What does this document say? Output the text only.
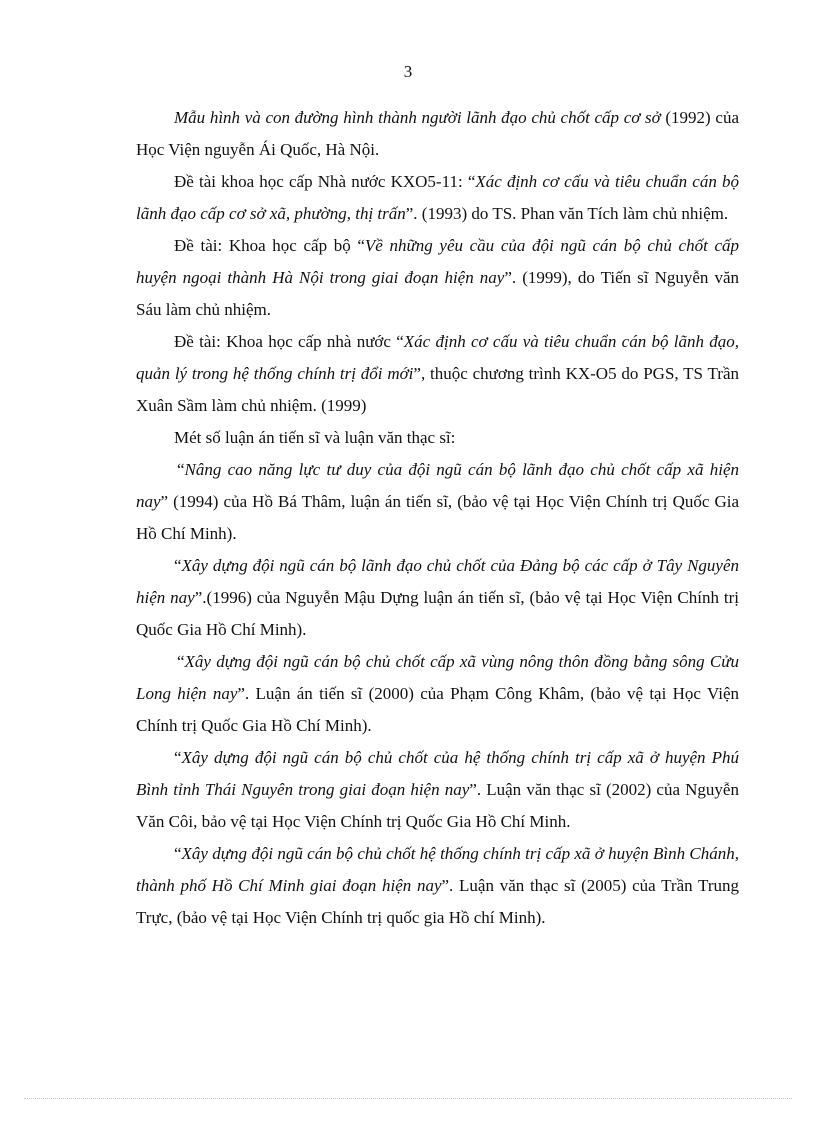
3

Mẫu hình và con đường hình thành người lãnh đạo chủ chốt cấp cơ sở (1992) của Học Viện nguyễn Ái Quốc, Hà Nội.

Đề tài khoa học cấp Nhà nước KXO5-11: “Xác định cơ cấu và tiêu chuẩn cán bộ lãnh đạo cấp cơ sở xã, phường, thị trấn”. (1993) do TS. Phan văn Tích làm chủ nhiệm.

Đề tài: Khoa học cấp bộ “Về những yêu cầu của đội ngũ cán bộ chủ chốt cấp huyện ngoại thành Hà Nội trong giai đoạn hiện nay”. (1999), do Tiến sĩ Nguyễn văn Sáu làm chủ nhiệm.

Đề tài: Khoa học cấp nhà nước “Xác định cơ cấu và tiêu chuẩn cán bộ lãnh đạo, quản lý trong hệ thống chính trị đổi mới”, thuộc chương trình KX-O5 do PGS, TS Trần Xuân Sầm làm chủ nhiệm. (1999)

Mét số luận án tiến sĩ và luận văn thạc sĩ:

“Nâng cao năng lực tư duy của đội ngũ cán bộ lãnh đạo chủ chốt cấp xã hiện nay” (1994) của Hồ Bá Thâm, luận án tiến sĩ, (bảo vệ tại Học Viện Chính trị Quốc Gia Hồ Chí Minh).

“Xây dựng đội ngũ cán bộ lãnh đạo chủ chốt của Đảng bộ các cấp ở Tây Nguyên hiện nay”.(1996) của Nguyễn Mậu Dựng luận án tiến sĩ, (bảo vệ tại Học Viện Chính trị Quốc Gia Hồ Chí Minh).

“Xây dựng đội ngũ cán bộ chủ chốt cấp xã vùng nông thôn đồng bằng sông Cửu Long hiện nay”. Luận án tiến sĩ (2000) của Phạm Công Khâm, (bảo vệ tại Học Viện Chính trị Quốc Gia Hồ Chí Minh).

“Xây dựng đội ngũ cán bộ chủ chốt của hệ thống chính trị cấp xã ở huyện Phú Bình tỉnh Thái Nguyên trong giai đoạn hiện nay”. Luận văn thạc sĩ (2002) của Nguyễn Văn Côi, bảo vệ tại Học Viện Chính trị Quốc Gia Hồ Chí Minh.

“Xây dựng đội ngũ cán bộ chủ chốt hệ thống chính trị cấp xã ở huyện Bình Chánh, thành phố Hồ Chí Minh giai đoạn hiện nay”. Luận văn thạc sĩ (2005) của Trần Trung Trực, (bảo vệ tại Học Viện Chính trị quốc gia Hồ chí Minh).
